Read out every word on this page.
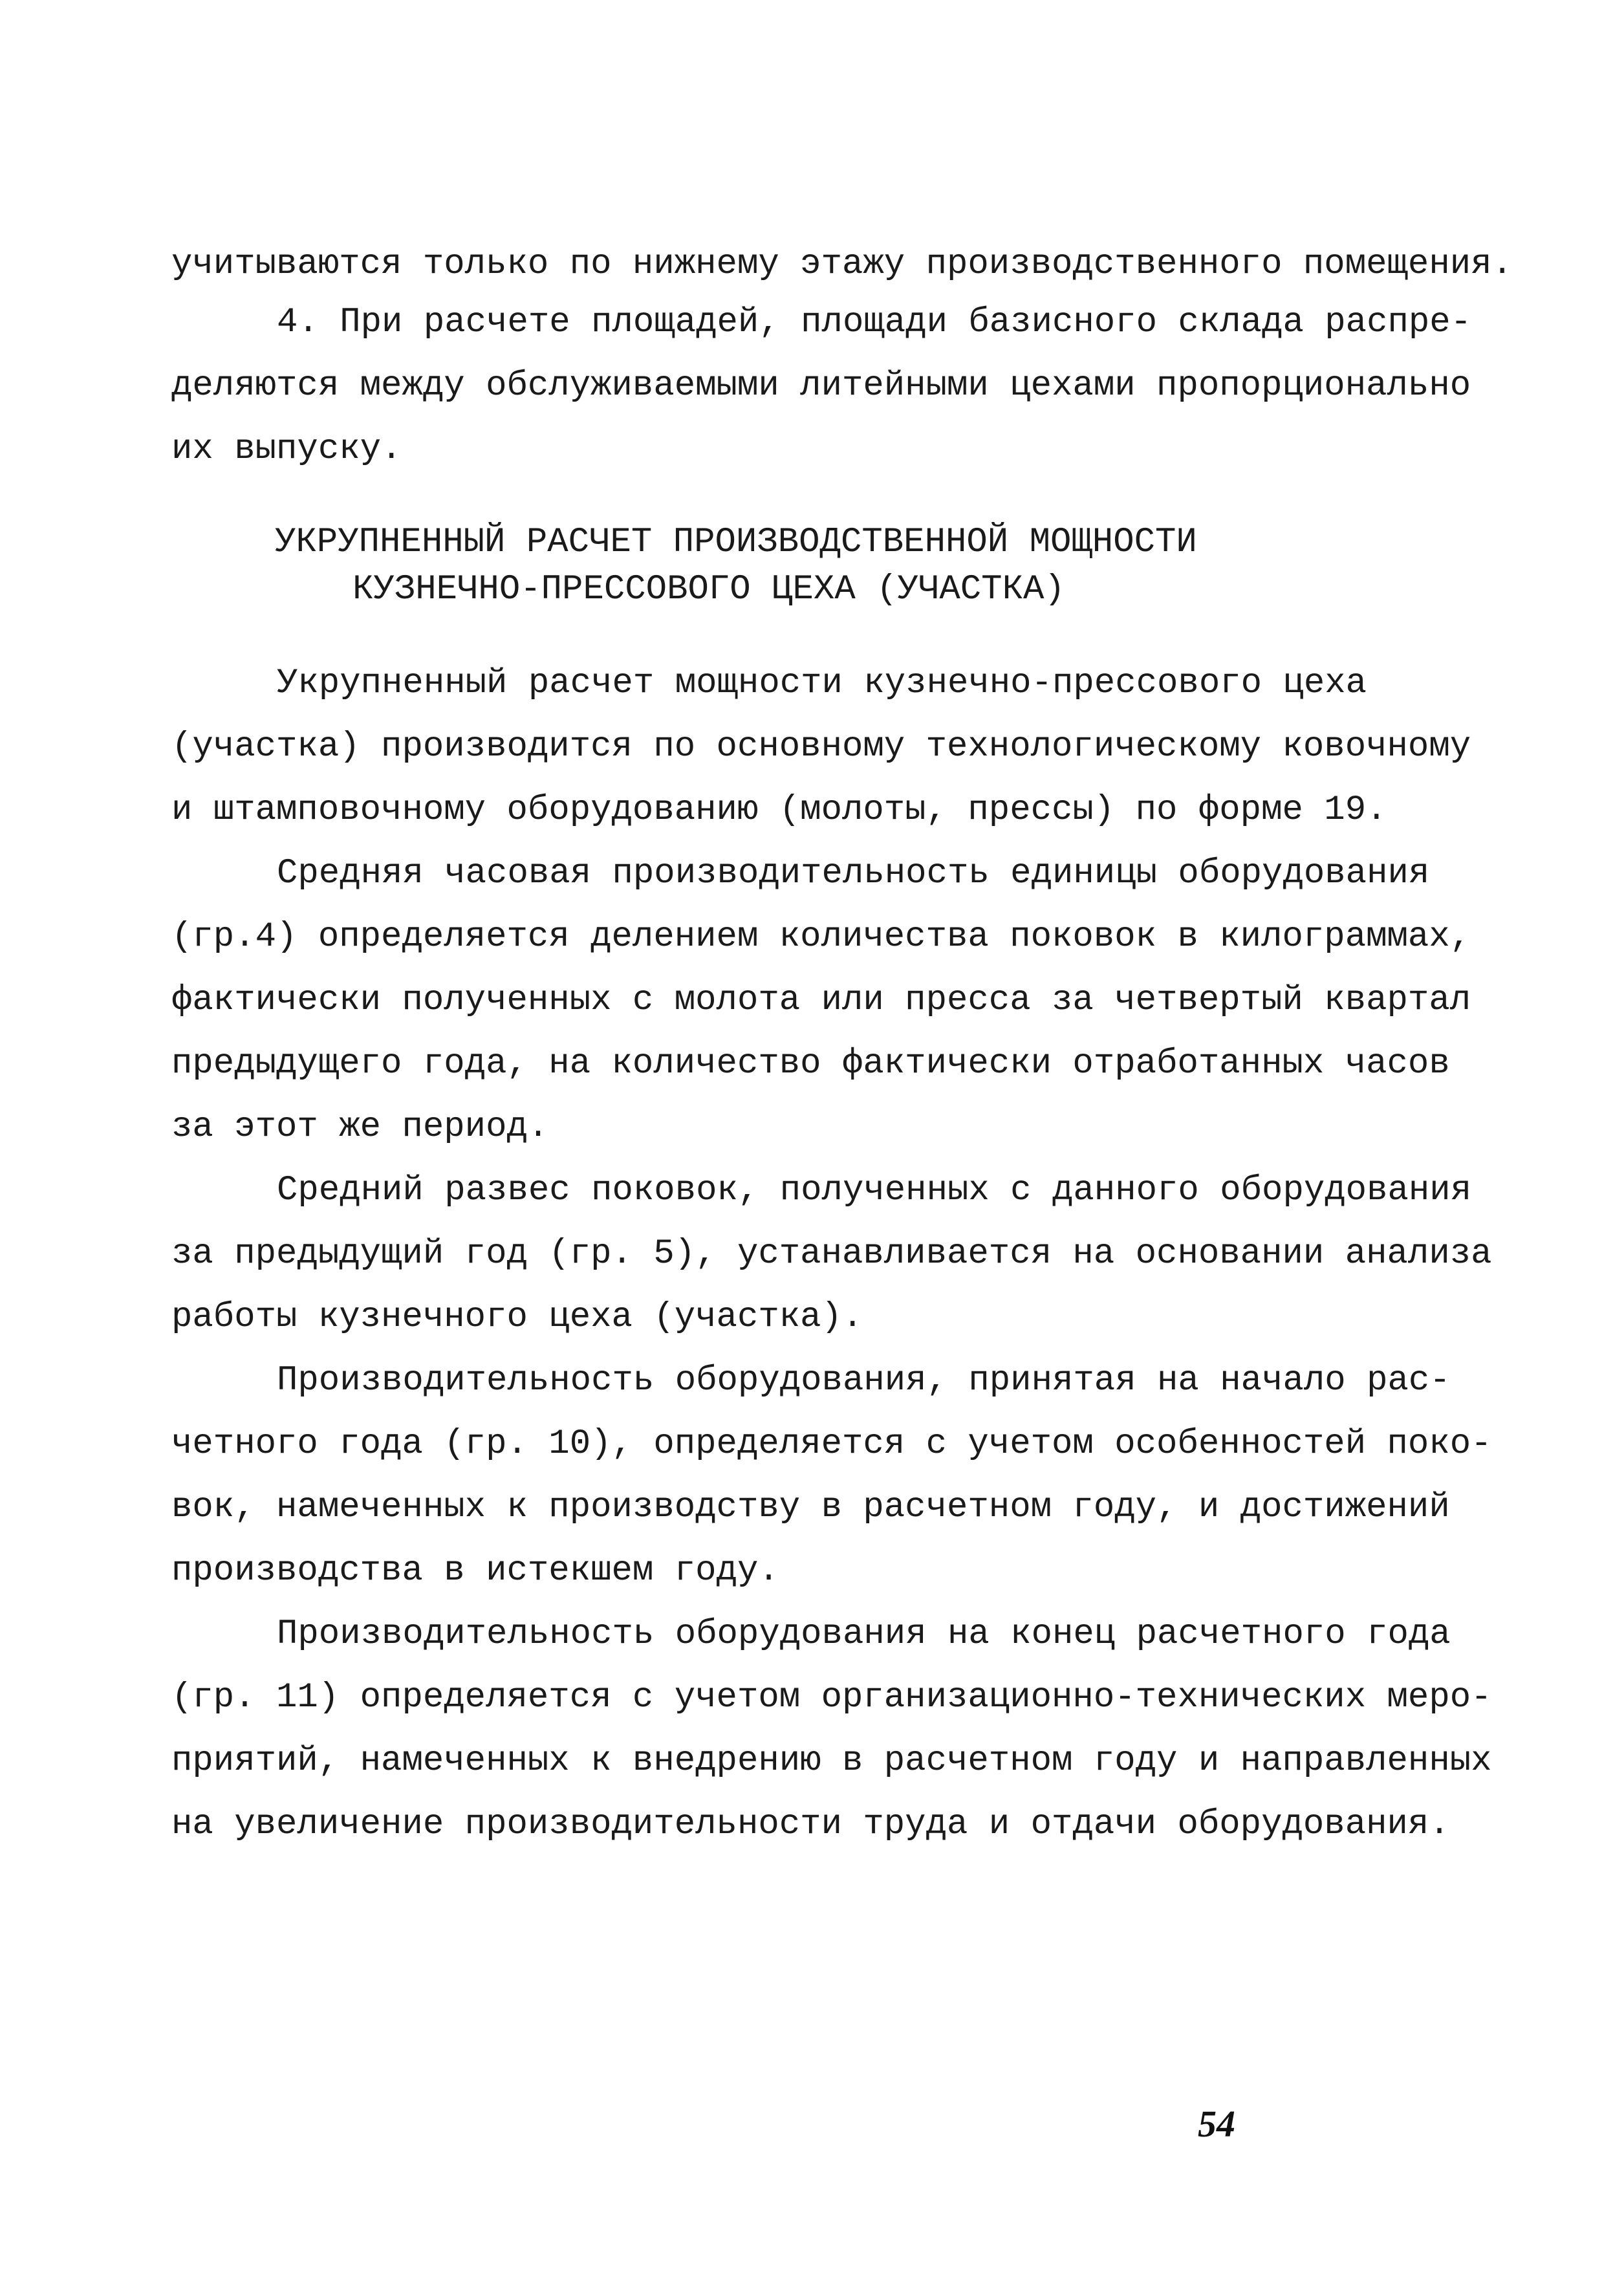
учитываются только по нижнему этажу производственного помещения.
4. При расчете площадей, площади базисного склада распре-
деляются между обслуживаемыми литейными цехами пропорционально
их выпуску.
УКРУПНЕННЫЙ РАСЧЕТ ПРОИЗВОДСТВЕННОЙ МОЩНОСТИ
КУЗНЕЧНО-ПРЕССОВОГО ЦЕХА (УЧАСТКА)
Укрупненный расчет мощности кузнечно-прессового цеха
(участка) производится по основному технологическому ковочному
и штамповочному оборудованию (молоты, прессы) по форме 19.
Средняя часовая производительность единицы оборудования
(гр.4) определяется делением количества поковок в килограммах,
фактически полученных с молота или пресса за четвертый квартал
предыдущего года, на количество фактически отработанных часов
за этот же период.
Средний развес поковок, полученных с данного оборудования
за предыдущий год (гр. 5), устанавливается на основании анализа
работы кузнечного цеха (участка).
Производительность оборудования, принятая на начало рас-
четного года (гр. 10), определяется с учетом особенностей поко-
вок, намеченных к производству в расчетном году, и достижений
производства в истекшем году.
Производительность оборудования на конец расчетного года
(гр. 11) определяется с учетом организационно-технических меро-
приятий, намеченных к внедрению в расчетном году и направленных
на увеличение производительности труда и отдачи оборудования.
54
